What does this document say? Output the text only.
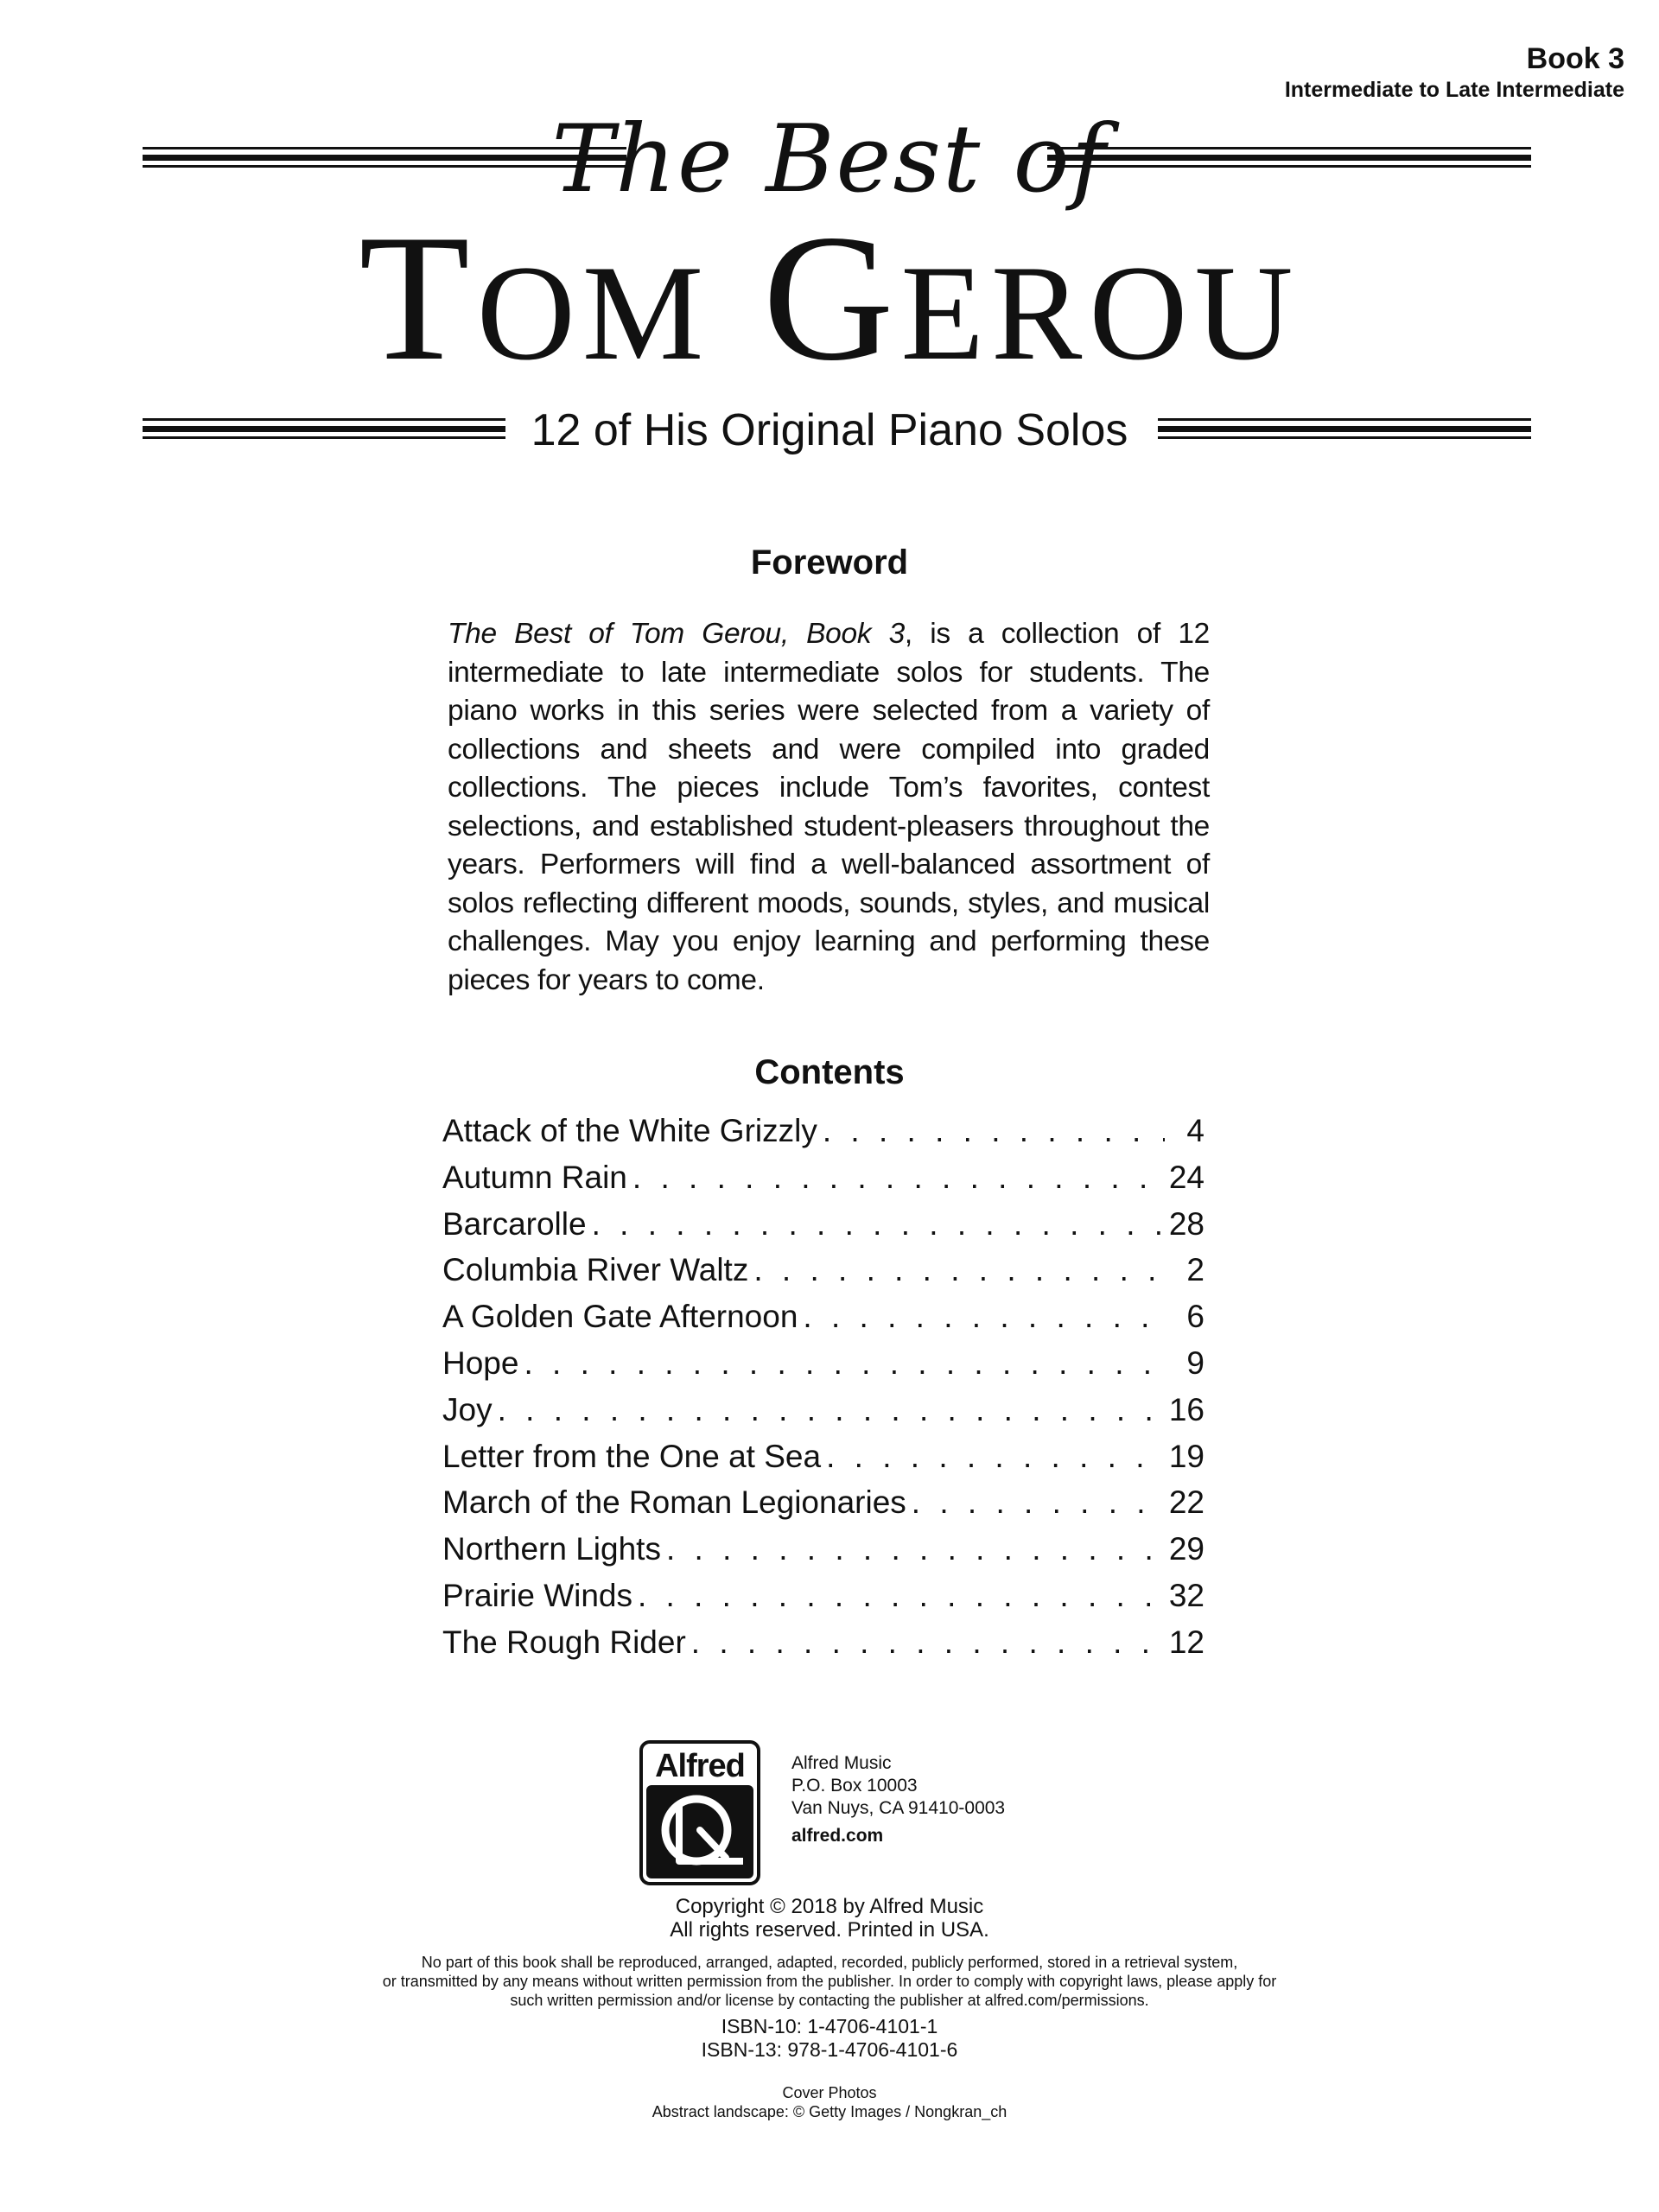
Book 3
Intermediate to Late Intermediate
The Best of
TOM GEROU
12 of His Original Piano Solos
Foreword
The Best of Tom Gerou, Book 3, is a collection of 12 intermediate to late intermediate solos for students. The piano works in this series were selected from a variety of collections and sheets and were compiled into graded collections. The pieces include Tom’s favorites, contest selections, and established student-pleasers throughout the years. Performers will find a well-balanced assortment of solos reflecting different moods, sounds, styles, and musical challenges. May you enjoy learning and performing these pieces for years to come.
Contents
Attack of the White Grizzly . . .	4
Autumn Rain . . .	24
Barcarolle . . .	28
Columbia River Waltz . . .	2
A Golden Gate Afternoon . . .	6
Hope . . .	9
Joy . . .	16
Letter from the One at Sea . . .	19
March of the Roman Legionaries . . .	22
Northern Lights . . .	29
Prairie Winds . . .	32
The Rough Rider . . .	12
Alfred	Alfred Music
P.O. Box 10003
Van Nuys, CA 91410-0003
alfred.com
Copyright © 2018 by Alfred Music
All rights reserved. Printed in USA.
No part of this book shall be reproduced, arranged, adapted, recorded, publicly performed, stored in a retrieval system,
or transmitted by any means without written permission from the publisher. In order to comply with copyright laws, please apply for
such written permission and/or license by contacting the publisher at alfred.com/permissions.
ISBN-10: 1-4706-4101-1
ISBN-13: 978-1-4706-4101-6
Cover Photos
Abstract landscape: © Getty Images / Nongkran_ch
